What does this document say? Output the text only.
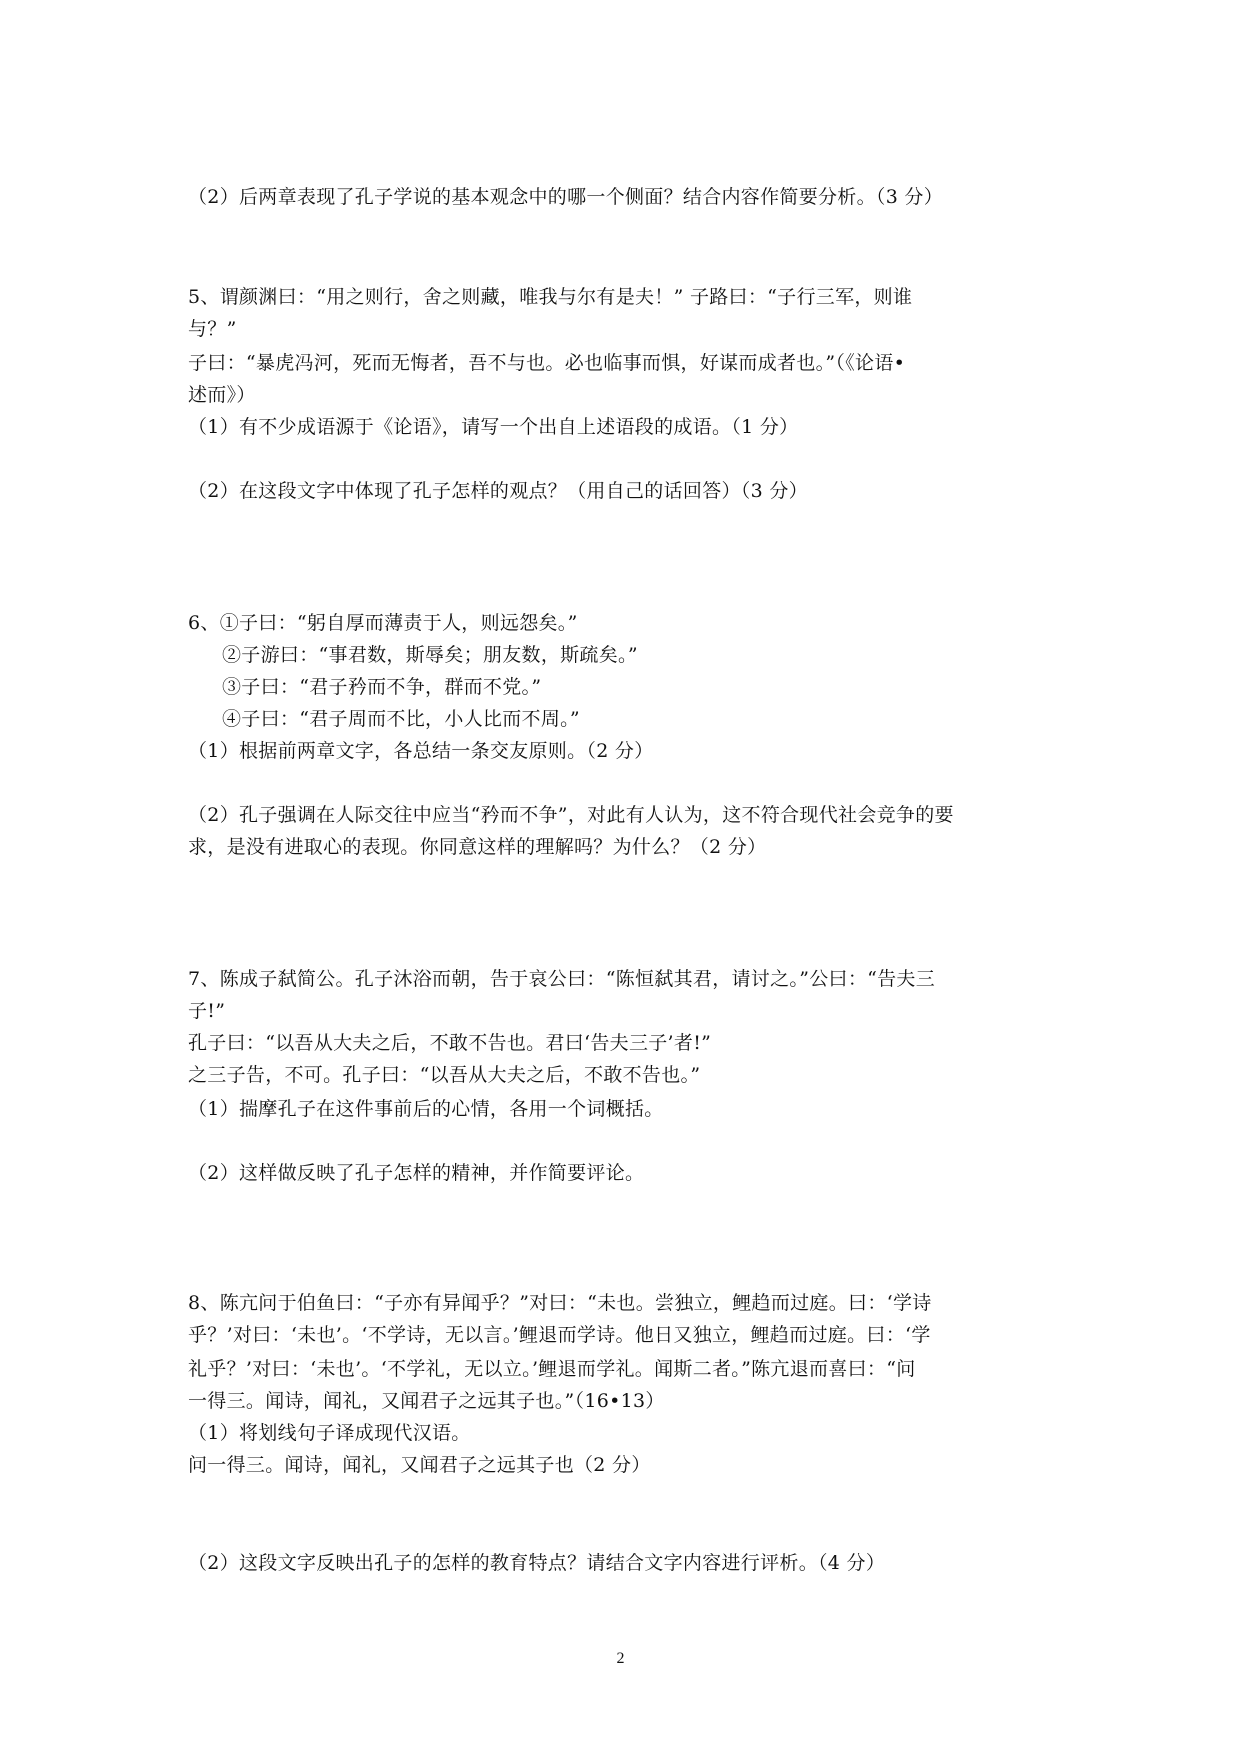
（2）后两章表现了孔子学说的基本观念中的哪一个侧面？结合内容作简要分析。（3 分）
5、谓颜渊曰：“用之则行，舍之则藏，唯我与尔有是夫！” 子路曰：“子行三军，则谁
与？”
子曰：“暴虎冯河，死而无悔者，吾不与也。必也临事而惧，好谋而成者也。”（《论语•
述而》）
（1）有不少成语源于《论语》，请写一个出自上述语段的成语。（1 分）
（2）在这段文字中体现了孔子怎样的观点？（用自己的话回答）（3 分）
6、①子曰：“躬自厚而薄责于人，则远怨矣。”
②子游曰：“事君数，斯辱矣；朋友数，斯疏矣。”
③子曰：“君子矜而不争，群而不党。”
④子曰：“君子周而不比，小人比而不周。”
（1）根据前两章文字，各总结一条交友原则。（2 分）
（2）孔子强调在人际交往中应当“矜而不争”，对此有人认为，这不符合现代社会竞争的要
求，是没有进取心的表现。你同意这样的理解吗？为什么？（2 分）
7、陈成子弑简公。孔子沐浴而朝，告于哀公曰：“陈恒弑其君，请讨之。”公曰：“告夫三
子!”
孔子曰：“以吾从大夫之后，不敢不告也。君曰‘告夫三子’者!”
之三子告，不可。孔子曰：“以吾从大夫之后，不敢不告也。”
（1）揣摩孔子在这件事前后的心情，各用一个词概括。
（2）这样做反映了孔子怎样的精神，并作简要评论。
8、陈亢问于伯鱼曰：“子亦有异闻乎？”对曰：“未也。尝独立，鲤趋而过庭。曰：‘学诗
乎？’对曰：‘未也’。‘不学诗，无以言。’鲤退而学诗。他日又独立，鲤趋而过庭。曰：‘学
礼乎？’对曰：‘未也’。‘不学礼，无以立。’鲤退而学礼。闻斯二者。”陈亢退而喜曰：“问
一得三。闻诗，闻礼，又闻君子之远其子也。”（16•13）
（1）将划线句子译成现代汉语。
问一得三。闻诗，闻礼，又闻君子之远其子也（2 分）
（2）这段文字反映出孔子的怎样的教育特点？请结合文字内容进行评析。（4 分）
2
